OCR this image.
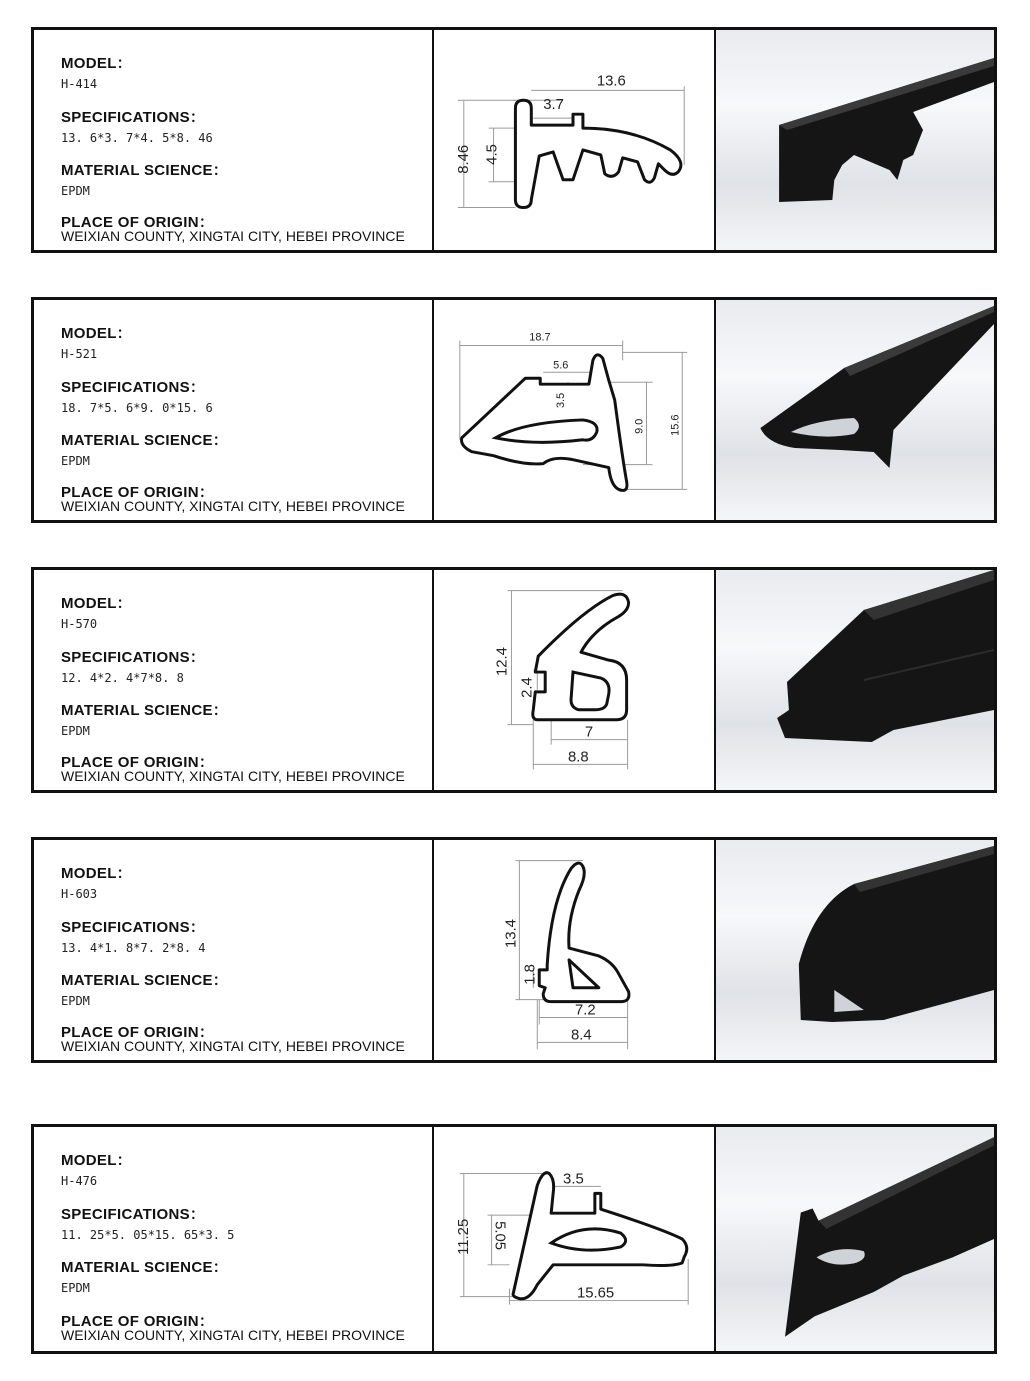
MODEL：
H-414
SPECIFICATIONS：
13. 6*3. 7*4. 5*8. 46
MATERIAL SCIENCE：
EPDM
PLACE OF ORIGIN：
WEIXIAN COUNTY, XINGTAI CITY, HEBEI PROVINCE
13.6
3.7
8.46 4.5
MODEL：
H-521
SPECIFICATIONS：
18. 7*5. 6*9. 0*15. 6
MATERIAL SCIENCE：
EPDM
PLACE OF ORIGIN：
WEIXIAN COUNTY, XINGTAI CITY, HEBEI PROVINCE
18.7
5.6
3.5
9.0 15.6
MODEL：
H-570
SPECIFICATIONS：
12. 4*2. 4*7*8. 8
MATERIAL SCIENCE：
EPDM
PLACE OF ORIGIN：
WEIXIAN COUNTY, XINGTAI CITY, HEBEI PROVINCE
12.4
2.4
7
8.8
MODEL：
H-603
SPECIFICATIONS：
13. 4*1. 8*7. 2*8. 4
MATERIAL SCIENCE：
EPDM
PLACE OF ORIGIN：
WEIXIAN COUNTY, XINGTAI CITY, HEBEI PROVINCE
13.4
1.8
7.2
8.4
MODEL：
H-476
SPECIFICATIONS：
11. 25*5. 05*15. 65*3. 5
MATERIAL SCIENCE：
EPDM
PLACE OF ORIGIN：
WEIXIAN COUNTY, XINGTAI CITY, HEBEI PROVINCE
3.5
11.25 5.05
15.65
